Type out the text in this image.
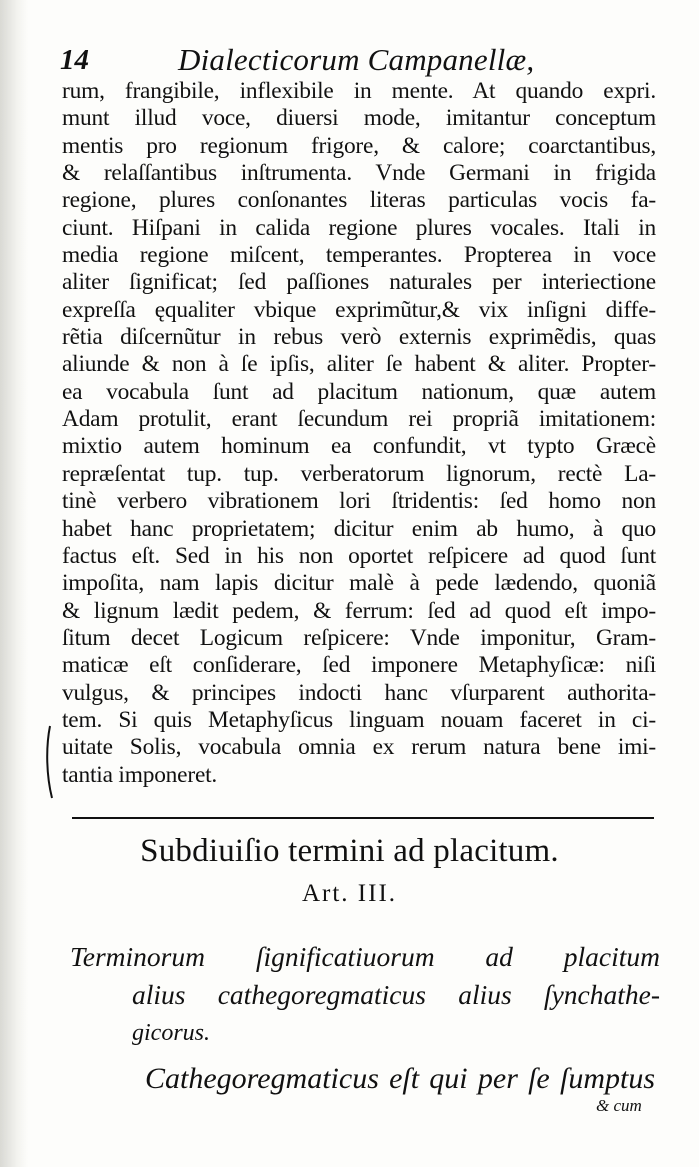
14	Dialecticorum Campanellæ,
rum, frangibile, inflexibile in mente. At quando expri.
munt illud voce, diuersi mode, imitantur conceptum
mentis pro regionum frigore, & calore; coarctantibus,
& relaſſantibus inſtrumenta. Vnde Germani in frigida
regione, plures conſonantes literas particulas vocis fa-
ciunt. Hiſpani in calida regione plures vocales. Itali in
media regione miſcent, temperantes. Propterea in voce
aliter ſignificat; ſed paſſiones naturales per interiectione
expreſſa ęqualiter vbique exprimũtur,& vix inſigni diffe-
rẽtia diſcernũtur in rebus verò externis exprimẽdis, quas
aliunde & non à ſe ipſis, aliter ſe habent & aliter. Propter-
ea vocabula ſunt ad placitum nationum, quæ autem
Adam protulit, erant ſecundum rei propriã imitationem:
mixtio autem hominum ea confundit, vt typto Græcè
repræſentat tup. tup. verberatorum lignorum, rectè La-
tinè verbero vibrationem lori ſtridentis: ſed homo non
habet hanc proprietatem; dicitur enim ab humo, à quo
factus eſt. Sed in his non oportet reſpicere ad quod ſunt
impoſita, nam lapis dicitur malè à pede lædendo, quoniã
& lignum lædit pedem, & ferrum: ſed ad quod eſt impo-
ſitum decet Logicum reſpicere: Vnde imponitur, Gram-
maticæ eſt conſiderare, ſed imponere Metaphyſicæ: niſi
vulgus, & principes indocti hanc vſurparent authorita-
tem. Si quis Metaphyſicus linguam nouam faceret in ci-
uitate Solis, vocabula omnia ex rerum natura bene imi-
tantia imponeret.
Subdiuiſio termini ad placitum.
Art. III.
Terminorum ſignificatiuorum ad placitum
alius cathegoregmaticus alius ſynchathe-
gicorus.
Cathegoregmaticus eſt qui per ſe ſumptus
& cum
